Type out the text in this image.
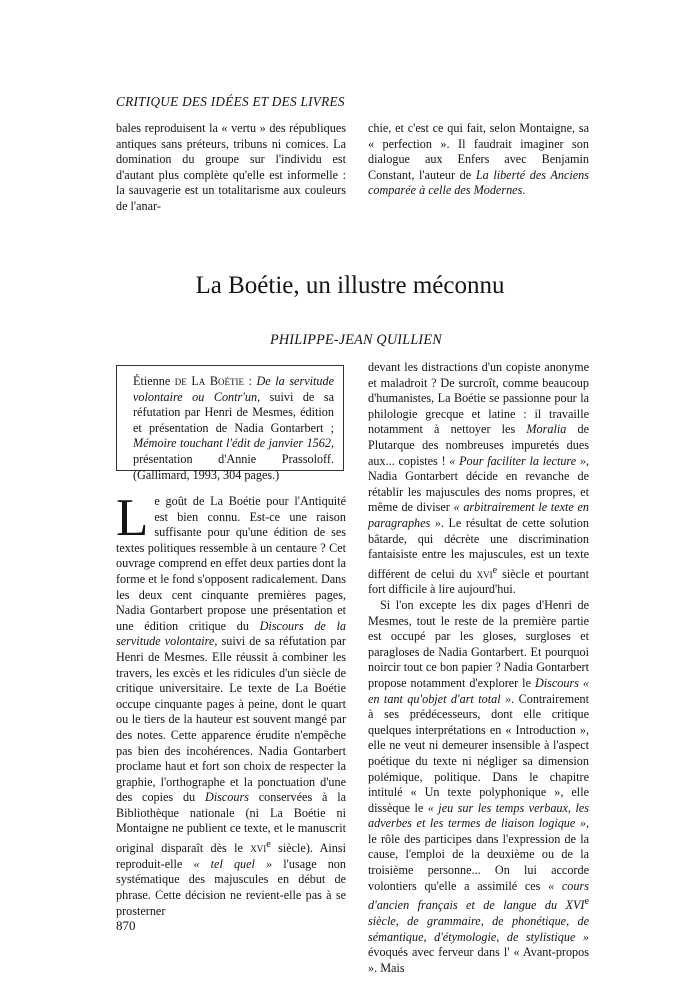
CRITIQUE DES IDÉES ET DES LIVRES

bales reproduisent la « vertu » des républiques antiques sans préteurs, tribuns ni comices. La domination du groupe sur l'individu est d'autant plus complète qu'elle est informelle : la sauvagerie est un totalitarisme aux couleurs de l'anar-

chie, et c'est ce qui fait, selon Montaigne, sa « perfection ». Il faudrait imaginer son dialogue aux Enfers avec Benjamin Constant, l'auteur de La liberté des Anciens comparée à celle des Modernes.

La Boétie, un illustre méconnu
PHILIPPE-JEAN QUILLIEN

Étienne de La Boétie : De la servitude volontaire ou Contr'un, suivi de sa réfutation par Henri de Mesmes, édition et présentation de Nadia Gontarbert ; Mémoire touchant l'édit de janvier 1562, présentation d'Annie Prassoloff. (Gallimard, 1993, 304 pages.)

Le goût de La Boétie pour l'Antiquité est bien connu. Est-ce une raison suffisante pour qu'une édition de ses textes politiques ressemble à un centaure ? Cet ouvrage comprend en effet deux parties dont la forme et le fond s'opposent radicalement. Dans les deux cent cinquante premières pages, Nadia Gontarbert propose une présentation et une édition critique du Discours de la servitude volontaire, suivi de sa réfutation par Henri de Mesmes. Elle réussit à combiner les travers, les excès et les ridicules d'un siècle de critique universitaire. Le texte de La Boétie occupe cinquante pages à peine, dont le quart ou le tiers de la hauteur est souvent mangé par des notes. Cette apparence érudite n'empêche pas bien des incohérences. Nadia Gontarbert proclame haut et fort son choix de respecter la graphie, l'orthographe et la ponctuation d'une des copies du Discours conservées à la Bibliothèque nationale (ni La Boétie ni Montaigne ne publient ce texte, et le manuscrit original disparaît dès le xvi$^e$ siècle). Ainsi reproduit-elle « tel quel » l'usage non systématique des majuscules en début de phrase. Cette décision ne revient-elle pas à se prosterner

devant les distractions d'un copiste anonyme et maladroit ? De surcroît, comme beaucoup d'humanistes, La Boétie se passionne pour la philologie grecque et latine : il travaille notamment à nettoyer les Moralia de Plutarque des nombreuses impuretés dues aux... copistes ! « Pour faciliter la lecture », Nadia Gontarbert décide en revanche de rétablir les majuscules des noms propres, et même de diviser « arbitrairement le texte en paragraphes ». Le résultat de cette solution bâtarde, qui décrète une discrimination fantaisiste entre les majuscules, est un texte différent de celui du xvi$^e$ siècle et pourtant fort difficile à lire aujourd'hui.

Si l'on excepte les dix pages d'Henri de Mesmes, tout le reste de la première partie est occupé par les gloses, surgloses et paragloses de Nadia Gontarbert. Et pourquoi noircir tout ce bon papier ? Nadia Gontarbert propose notamment d'explorer le Discours « en tant qu'objet d'art total ». Contrairement à ses prédécesseurs, dont elle critique quelques interprétations en « Introduction », elle ne veut ni demeurer insensible à l'aspect poétique du texte ni négliger sa dimension polémique, politique. Dans le chapitre intitulé « Un texte polyphonique », elle dissèque le « jeu sur les temps verbaux, les adverbes et les termes de liaison logique », le rôle des participes dans l'expression de la cause, l'emploi de la deuxième ou de la troisième personne... On lui accorde volontiers qu'elle a assimilé ces « cours d'ancien français et de langue du XVIe siècle, de grammaire, de phonétique, de sémantique, d'étymologie, de stylistique » évoqués avec ferveur dans l' « Avant-propos ». Mais

870
